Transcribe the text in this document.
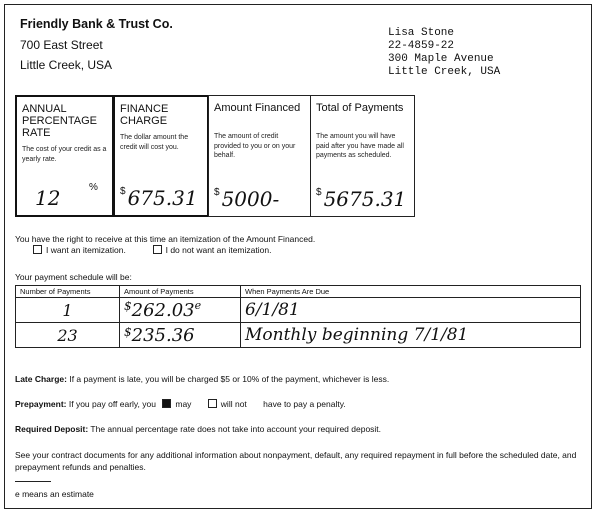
Friendly Bank & Trust Co.
700 East Street
Little Creek, USA
Lisa Stone
22-4859-22
300 Maple Avenue
Little Creek, USA
ANNUAL PERCENTAGE RATE
The cost of your credit as a yearly rate.
12	%
FINANCE CHARGE
The dollar amount the credit will cost you.
$ 675.31
Amount Financed
The amount of credit provided to you or on your behalf.
$ 5000-
Total of Payments
The amount you will have paid after you have made all payments as scheduled.
$ 5675.31
You have the right to receive at this time an itemization of the Amount Financed.
I want an itemization.	I do not want an itemization.
Your payment schedule will be:
Number of Payments	Amount of Payments	When Payments Are Due
1	$262.03e	6/1/81
23	$235.36	Monthly beginning 7/1/81
Late Charge: If a payment is late, you will be charged $5 or 10% of the payment, whichever is less.
Prepayment: If you pay off early, you may	will not have to pay a penalty.
Required Deposit: The annual percentage rate does not take into account your required deposit.
See your contract documents for any additional information about nonpayment, default, any required repayment in full before the scheduled date, and prepayment refunds and penalties.
e means an estimate
